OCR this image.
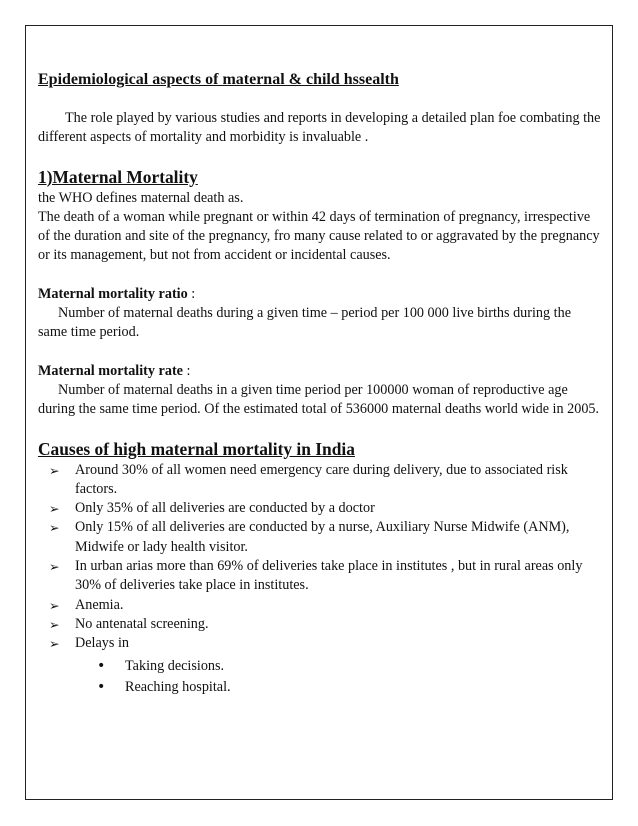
Epidemiological aspects of maternal & child hssealth

The role played by various studies and reports in developing a detailed plan foe combating the different aspects of mortality and morbidity is invaluable .

1)Maternal Mortality

the WHO defines maternal death as.

The death of a woman while pregnant or within 42 days of termination of pregnancy, irrespective of the duration and site of the pregnancy, fro many cause related to or aggravated by the pregnancy or its management, but not from accident or incidental causes.

Maternal mortality ratio :

Number of maternal deaths during a given time – period per 100 000 live births during the same time period.

Maternal mortality rate :

Number of maternal deaths in a given time period per 100000 woman of reproductive age during the same time period. Of the estimated total of 536000 maternal deaths world wide in 2005.

Causes of high maternal mortality in India
➢ Around 30% of all women need emergency care during delivery, due to associated risk factors.
➢ Only 35% of all deliveries are conducted by a doctor
➢ Only 15% of all deliveries are conducted by a nurse, Auxiliary Nurse Midwife (ANM), Midwife or lady health visitor.
➢ In urban arias more than 69% of deliveries take place in institutes , but in rural areas only 30% of deliveries take place in institutes.
➢ Anemia.
➢ No antenatal screening.
➢ Delays in
• Taking decisions.
• Reaching hospital.
